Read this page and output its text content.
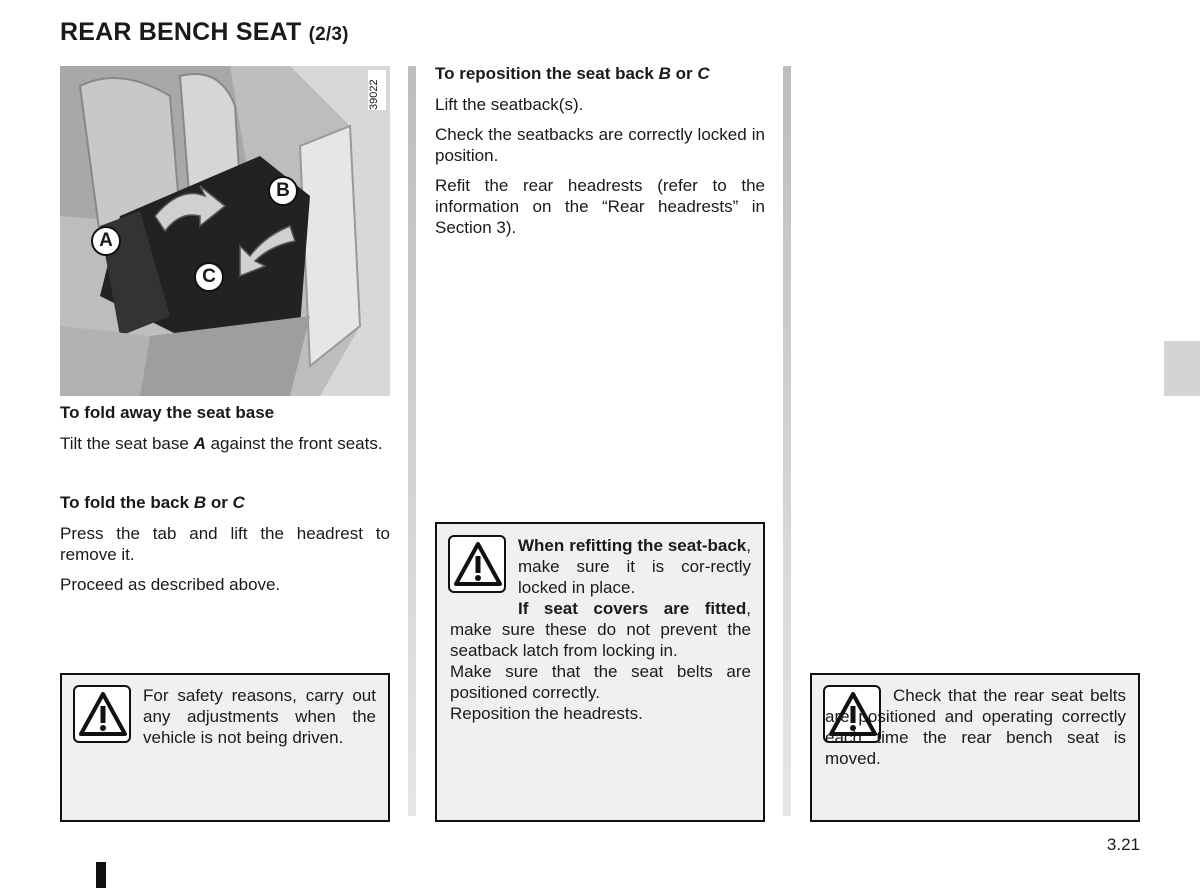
REAR BENCH SEAT (2/3)
39022
A
B
C
To fold away the seat base
Tilt the seat base A against the front seats.
To fold the back B or C
Press the tab and lift the headrest to remove it.
Proceed as described above.
For safety reasons, carry out any adjustments when the vehicle is not being driven.
To reposition the seat back B or C
Lift the seatback(s).
Check the seatbacks are correctly locked in position.
Refit the rear headrests (refer to the information on the “Rear headrests” in Section 3).
When refitting the seat-back, make sure it is cor-rectly locked in place.
If seat covers are fitted, make sure these do not prevent the seatback latch from locking in.
Make sure that the seat belts are positioned correctly.
Reposition the headrests.
Check that the rear seat belts are positioned and operating correctly each time the rear bench seat is moved.
3.21
